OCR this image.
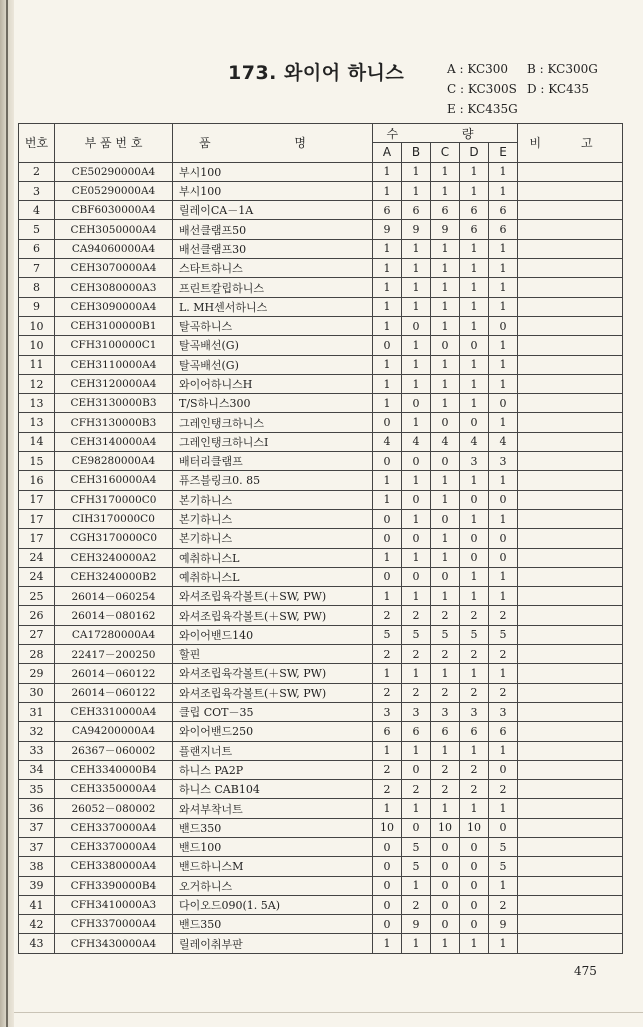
173. 와이어 하니스	A : KC300 B : KC300G
C : KC300S D : KC435
E : KC435G
번호	부 품 번 호	품 명	수 량					비 고
			A	B	C	D	E	
2	CE50290000A4	부시100	1	1	1	1	1	
3	CE05290000A4	부시100	1	1	1	1	1	
4	CBF6030000A4	릴레이CA－1A	6	6	6	6	6	
5	CEH3050000A4	배선클램프50	9	9	9	6	6	
6	CA94060000A4	배선클램프30	1	1	1	1	1	
7	CEH3070000A4	스타트하니스	1	1	1	1	1	
8	CEH3080000A3	프린트칼립하니스	1	1	1	1	1	
9	CEH3090000A4	L. MH센서하니스	1	1	1	1	1	
10	CEH3100000B1	탈곡하니스	1	0	1	1	0	
10	CFH3100000C1	탈곡배선(G)	0	1	0	0	1	
11	CEH3110000A4	탈곡배선(G)	1	1	1	1	1	
12	CEH3120000A4	와이어하니스H	1	1	1	1	1	
13	CEH3130000B3	T/S하니스300	1	0	1	1	0	
13	CFH3130000B3	그레인탱크하니스	0	1	0	0	1	
14	CEH3140000A4	그레인탱크하니스I	4	4	4	4	4	
15	CE98280000A4	배터리클램프	0	0	0	3	3	
16	CEH3160000A4	퓨즈블링크0. 85	1	1	1	1	1	
17	CFH3170000C0	본기하니스	1	0	1	0	0	
17	CIH3170000C0	본기하니스	0	1	0	1	1	
17	CGH3170000C0	본기하니스	0	0	1	0	0	
24	CEH3240000A2	예취하니스L	1	1	1	0	0	
24	CEH3240000B2	예취하니스L	0	0	0	1	1	
25	26014－060254	와셔조립육각볼트(＋SW, PW)	1	1	1	1	1	
26	26014－080162	와셔조립육각볼트(＋SW, PW)	2	2	2	2	2	
27	CA17280000A4	와이어밴드140	5	5	5	5	5	
28	22417－200250	할핀	2	2	2	2	2	
29	26014－060122	와셔조립육각볼트(＋SW, PW)	1	1	1	1	1	
30	26014－060122	와셔조립육각볼트(＋SW, PW)	2	2	2	2	2	
31	CEH3310000A4	클립 COT－35	3	3	3	3	3	
32	CA94200000A4	와이어밴드250	6	6	6	6	6	
33	26367－060002	플랜지너트	1	1	1	1	1	
34	CEH3340000B4	하니스 PA2P	2	0	2	2	0	
35	CEH3350000A4	하니스 CAB104	2	2	2	2	2	
36	26052－080002	와셔부착너트	1	1	1	1	1	
37	CEH3370000A4	밴드350	10	0	10	10	0	
37	CEH3370000A4	밴드100	0	5	0	0	5	
38	CEH3380000A4	밴드하니스M	0	5	0	0	5	
39	CFH3390000B4	오거하니스	0	1	0	0	1	
41	CFH3410000A3	다이오드090(1. 5A)	0	2	0	0	2	
42	CFH3370000A4	밴드350	0	9	0	0	9	
43	CFH3430000A4	릴레이취부판	1	1	1	1	1	
475
